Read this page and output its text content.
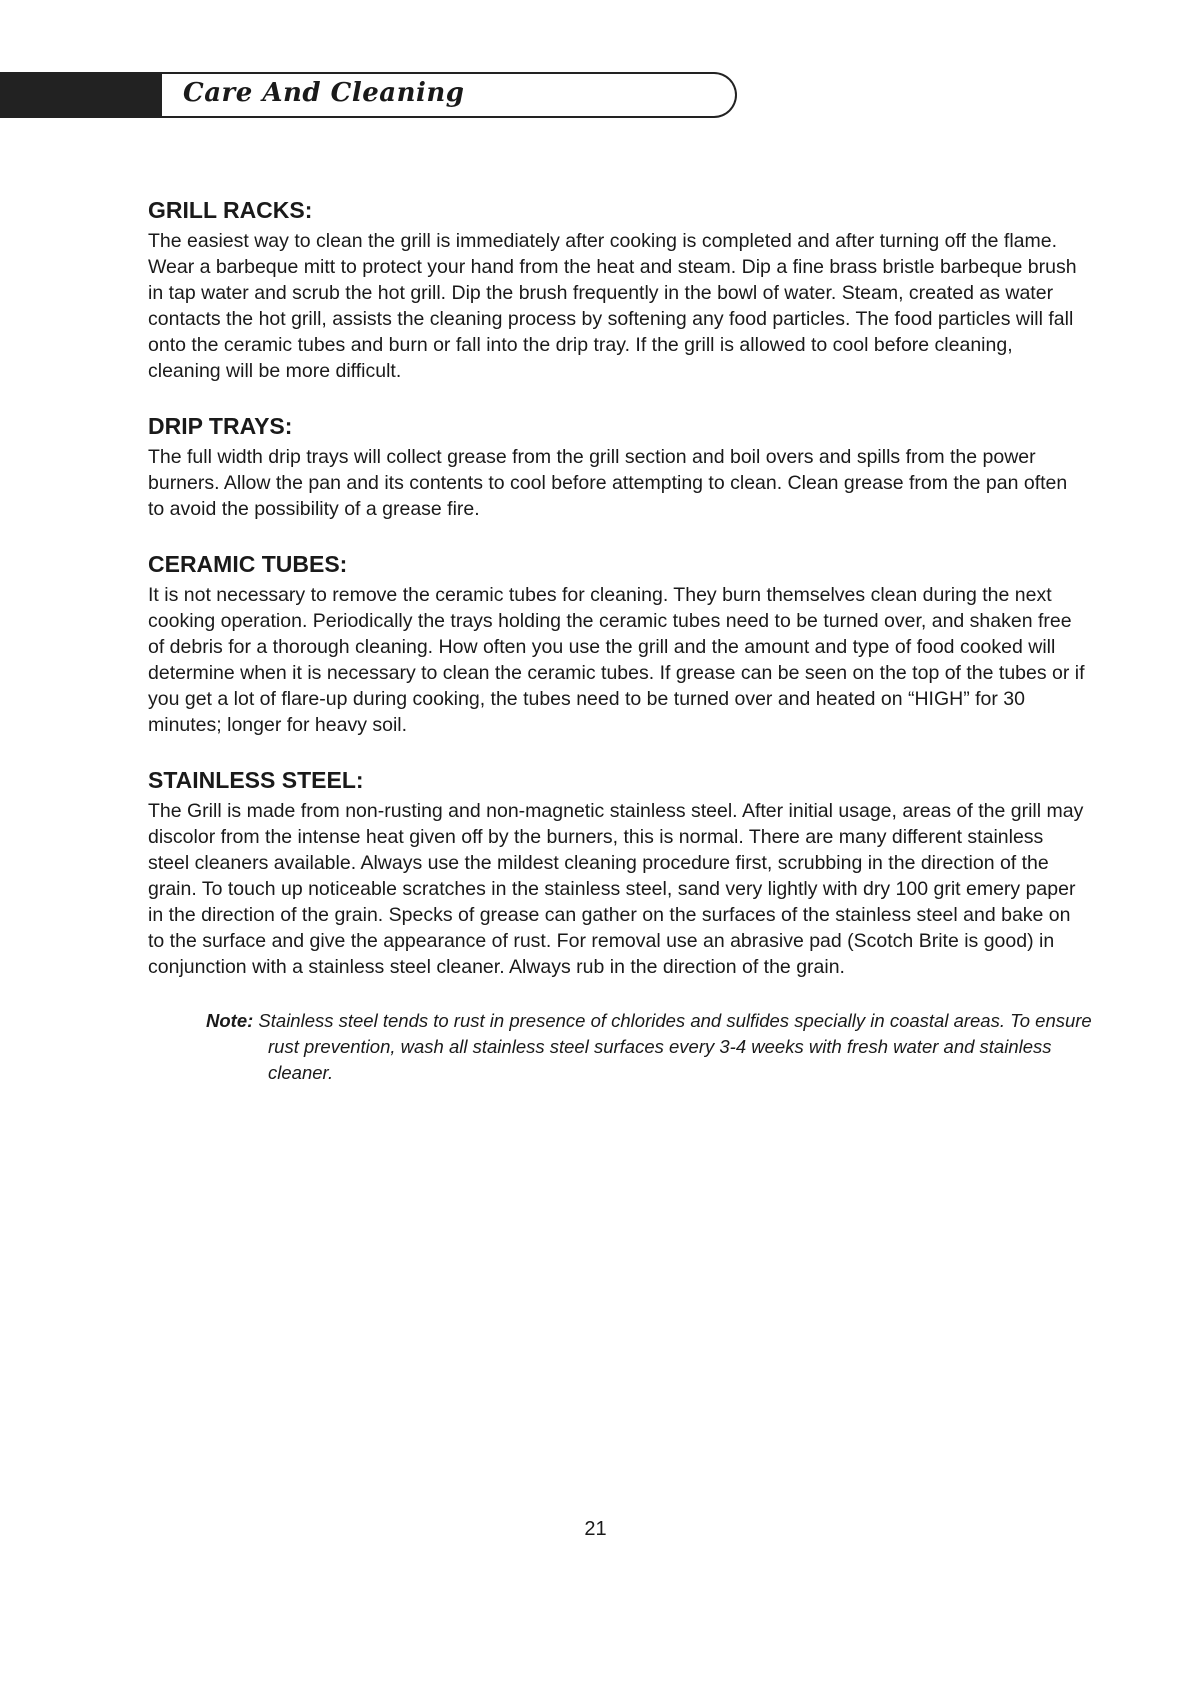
Care And Cleaning
GRILL RACKS:

The easiest way to clean the grill is immediately after cooking is completed and after turning off the flame. Wear a barbeque mitt to protect your hand from the heat and steam. Dip a fine brass bristle barbeque brush in tap water and scrub the hot grill. Dip the brush frequently in the bowl of water. Steam, created as water contacts the hot grill, assists the cleaning process by softening any food particles. The food particles will fall onto the ceramic tubes and burn or fall into the drip tray. If the grill is allowed to cool before cleaning, cleaning will be more difficult.

DRIP TRAYS:

The full width drip trays will collect grease from the grill section and boil overs and spills from the power burners. Allow the pan and its contents to cool before attempting to clean. Clean grease from the pan often to avoid the possibility of a grease fire.

CERAMIC TUBES:

It is not necessary to remove the ceramic tubes for cleaning. They burn themselves clean during the next cooking operation. Periodically the trays holding the ceramic tubes need to be turned over, and shaken free of debris for a thorough cleaning. How often you use the grill and the amount and type of food cooked will determine when it is necessary to clean the ceramic tubes. If grease can be seen on the top of the tubes or if you get a lot of flare-up during cooking, the tubes need to be turned over and heated on “HIGH” for 30 minutes; longer for heavy soil.

STAINLESS STEEL:

The Grill is made from non-rusting and non-magnetic stainless steel. After initial usage, areas of the grill may discolor from the intense heat given off by the burners, this is normal. There are many different stainless steel cleaners available. Always use the mildest cleaning procedure first, scrubbing in the direction of the grain. To touch up noticeable scratches in the stainless steel, sand very lightly with dry 100 grit emery paper in the direction of the grain. Specks of grease can gather on the surfaces of the stainless steel and bake on to the surface and give the appearance of rust. For removal use an abrasive pad (Scotch Brite is good) in conjunction with a stainless steel cleaner. Always rub in the direction of the grain.

Note: Stainless steel tends to rust in presence of chlorides and sulfides specially in coastal areas. To ensure rust prevention, wash all stainless steel surfaces every 3-4 weeks with fresh water and stainless cleaner.
21
